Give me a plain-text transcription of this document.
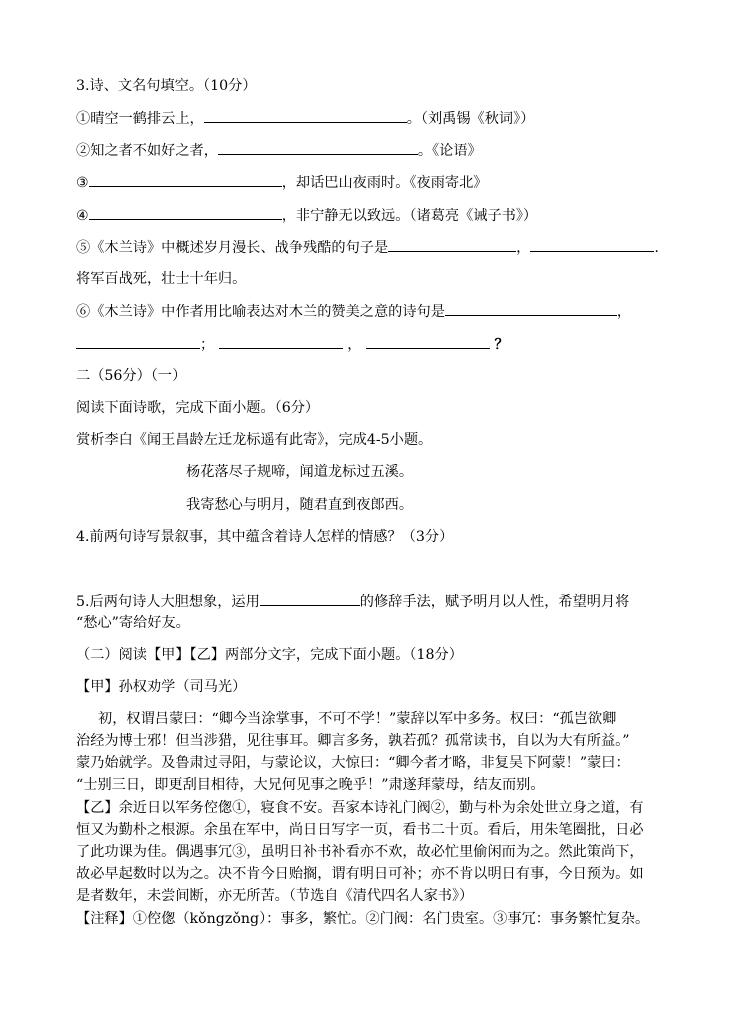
3.诗、文名句填空。（10分）
①晴空一鹤排云上，	。（刘禹锡《秋词》）
②知之者不如好之者，	。《论语》
③	，却话巴山夜雨时。《夜雨寄北》
④	，非宁静无以致远。（诸葛亮《诫子书》）
⑤《木兰诗》中概述岁月漫长、战争残酷的句子是	，	.
将军百战死，壮士十年归。
⑥《木兰诗》中作者用比喻表达对木兰的赞美之意的诗句是	，
；	，	？
二（56分）（一）
阅读下面诗歌，完成下面小题。（6分）
赏析李白《闻王昌龄左迁龙标遥有此寄》，完成4-5小题。
杨花落尽子规啼，闻道龙标过五溪。
我寄愁心与明月，随君直到夜郎西。
4.前两句诗写景叙事，其中蕴含着诗人怎样的情感？（3分）
5.后两句诗人大胆想象，运用	的修辞手法，赋予明月以人性，希望明月将
“愁心”寄给好友。
（二）阅读【甲】【乙】两部分文字，完成下面小题。（18分）
【甲】孙权劝学（司马光）
初，权谓吕蒙曰：“卿今当涂掌事，不可不学！”蒙辞以军中多务。权曰：“孤岂欲卿
治经为博士邪！但当涉猎，见往事耳。卿言多务，孰若孤？孤常读书，自以为大有所益。”
蒙乃始就学。及鲁肃过寻阳，与蒙论议，大惊曰：“卿今者才略，非复吴下阿蒙！”蒙曰：
“士别三日，即更刮目相待，大兄何见事之晚乎！”肃遂拜蒙母，结友而别。
【乙】余近日以军务倥偬①，寝食不安。吾家本诗礼门阀②，勤与朴为余处世立身之道，有
恒又为勤朴之根源。余虽在军中，尚日日写字一页，看书二十页。看后，用朱笔圈批，日必
了此功课为佳。偶遇事冗③，虽明日补书补看亦不欢，故必忙里偷闲而为之。然此策尚下，
故必早起数时以为之。决不肯今日贻搁，谓有明日可补；亦不肯以明日有事，今日预为。如
是者数年，未尝间断，亦无所苦。（节选自《清代四名人家书》）
【注释】①倥偬（kǒngzǒng）：事多，繁忙。②门阀：名门贵室。③事冗：事务繁忙复杂。
